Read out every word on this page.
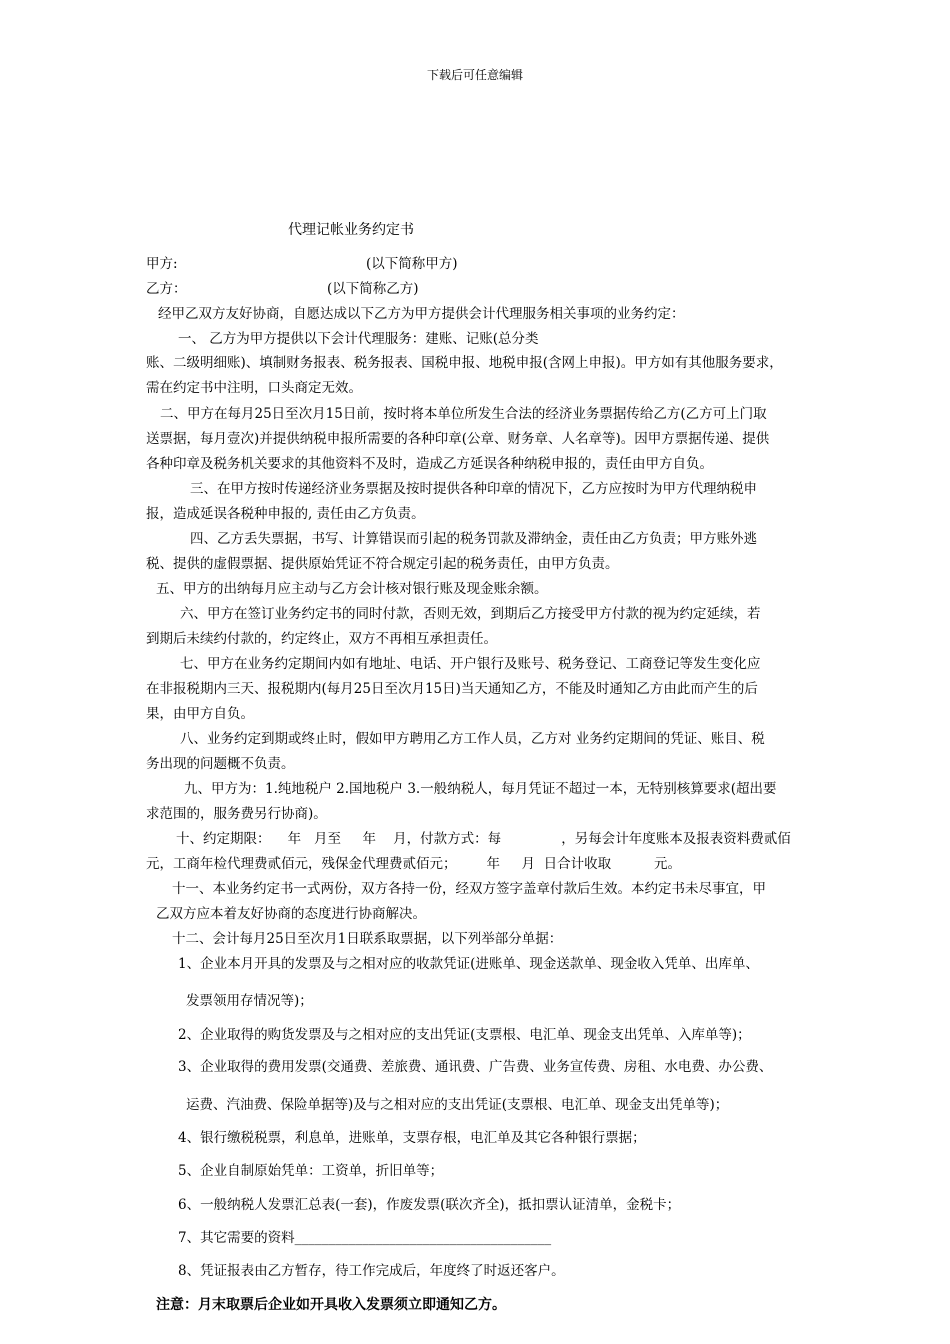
下载后可任意编辑
代理记帐业务约定书
甲方:	(以下简称甲方)
乙方：	(以下简称乙方)
经甲乙双方友好协商，自愿达成以下乙方为甲方提供会计代理服务相关事项的业务约定：
一、 乙方为甲方提供以下会计代理服务：建账、记账(总分类
账、二级明细账)、填制财务报表、税务报表、国税申报、地税申报(含网上申报)。甲方如有其他服务要求，
需在约定书中注明，口头商定无效。
二、甲方在每月25日至次月15日前，按时将本单位所发生合法的经济业务票据传给乙方(乙方可上门取
送票据，每月壹次)并提供纳税申报所需要的各种印章(公章、财务章、人名章等)。因甲方票据传递、提供
各种印章及税务机关要求的其他资料不及时，造成乙方延误各种纳税申报的，责任由甲方自负。
三、在甲方按时传递经济业务票据及按时提供各种印章的情况下，乙方应按时为甲方代理纳税申
报，造成延误各税种申报的, 责任由乙方负责。
四、乙方丢失票据，书写、计算错误而引起的税务罚款及滞纳金，责任由乙方负责；甲方账外逃
税、提供的虚假票据、提供原始凭证不符合规定引起的税务责任，由甲方负责。
五、甲方的出纳每月应主动与乙方会计核对银行账及现金账余额。
六、甲方在签订业务约定书的同时付款，否则无效，到期后乙方接受甲方付款的视为约定延续，若
到期后未续约付款的，约定终止，双方不再相互承担责任。
七、甲方在业务约定期间内如有地址、电话、开户银行及账号、税务登记、工商登记等发生变化应
在非报税期内三天、报税期内(每月25日至次月15日)当天通知乙方，不能及时通知乙方由此而产生的后
果，由甲方自负。
八、业务约定到期或终止时，假如甲方聘用乙方工作人员，乙方对 业务约定期间的凭证、账目、税
务出现的问题概不负责。
九、甲方为：1.纯地税户 2.国地税户 3.一般纳税人，每月凭证不超过一本，无特别核算要求(超出要
求范围的，服务费另行协商)。
十、约定期限：    年   月至     年    月，付款方式：每              ，另每会计年度账本及报表资料费贰佰
元，工商年检代理费贰佰元，残保金代理费贰佰元；       年     月  日合计收取          元。
十一、本业务约定书一式两份，双方各持一份，经双方签字盖章付款后生效。本约定书未尽事宜，甲
乙双方应本着友好协商的态度进行协商解决。
十二、会计每月25日至次月1日联系取票据，以下列举部分单据：
1、企业本月开具的发票及与之相对应的收款凭证(进账单、现金送款单、现金收入凭单、出库单、
发票领用存情况等)；
2、企业取得的购货发票及与之相对应的支出凭证(支票根、电汇单、现金支出凭单、入库单等)；
3、企业取得的费用发票(交通费、差旅费、通讯费、广告费、业务宣传费、房租、水电费、办公费、
运费、汽油费、保险单据等)及与之相对应的支出凭证(支票根、电汇单、现金支出凭单等)；
4、银行缴税税票，利息单，进账单，支票存根，电汇单及其它各种银行票据；
5、企业自制原始凭单：工资单，折旧单等；
6、一般纳税人发票汇总表(一套)，作废发票(联次齐全)，抵扣票认证清单，金税卡；
7、其它需要的资料______________________________________
8、凭证报表由乙方暂存，待工作完成后，年度终了时返还客户。
注意：月末取票后企业如开具收入发票须立即通知乙方。
